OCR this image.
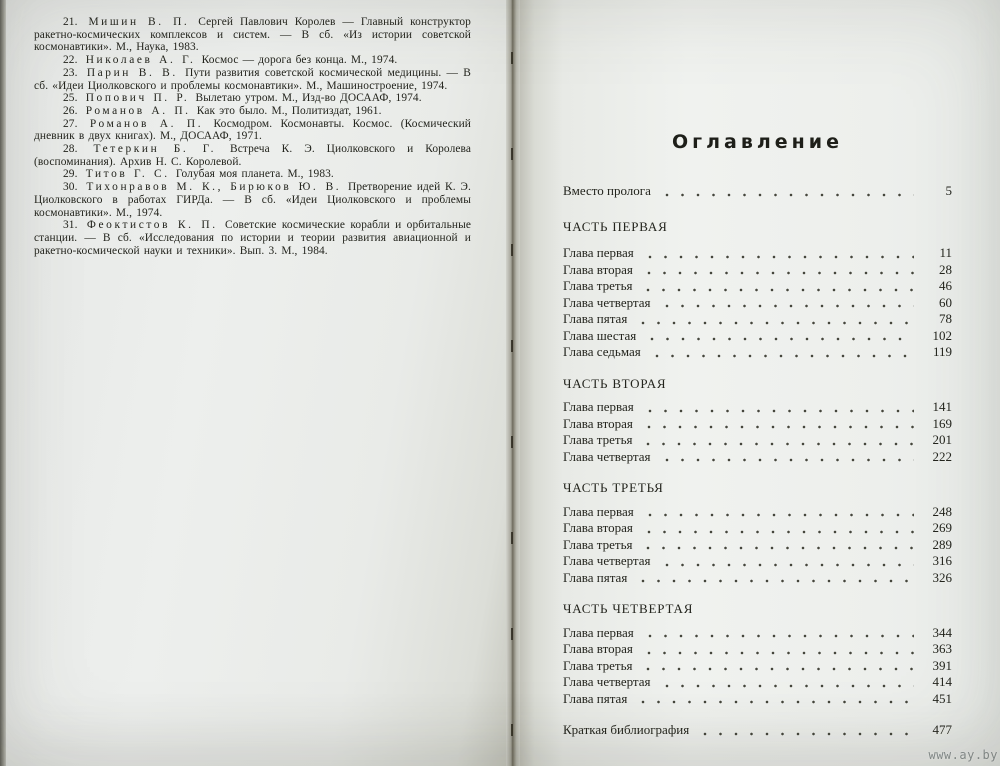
21. Мишин В. П. Сергей Павлович Королев — Главный конструктор ракетно-космических комплексов и систем. — В сб. «Из истории советской космонавтики». М., Наука, 1983.

22. Николаев А. Г. Космос — дорога без конца. М., 1974.

23. Парин В. В. Пути развития советской космической медицины. — В сб. «Идеи Циолковского и проблемы космонавтики». М., Машиностроение, 1974.

25. Попович П. Р. Вылетаю утром. М., Изд-во ДОСААФ, 1974.

26. Романов А. П. Как это было. М., Политиздат, 1961.

27. Романов А. П. Космодром. Космонавты. Космос. (Космический дневник в двух книгах). М., ДОСААФ, 1971.

28. Тетеркин Б. Г. Встреча К. Э. Циолковского и Королева (воспоминания). Архив Н. С. Королевой.

29. Титов Г. С. Голубая моя планета. М., 1983.

30. Тихонравов М. К., Бирюков Ю. В. Претворение идей К. Э. Циолковского в работах ГИРДа. — В сб. «Идеи Циолковского и проблемы космонавтики». М., 1974.

31. Феоктистов К. П. Советские космические корабли и орбитальные станции. — В сб. «Исследования по истории и теории развития авиационной и ракетно-космической науки и техники». Вып. 3. М., 1984.

Оглавление
Вместо пролога	5
ЧАСТЬ ПЕРВАЯ
Глава первая	11
Глава вторая	28
Глава третья	46
Глава четвертая	60
Глава пятая	78
Глава шестая	102
Глава седьмая	119
ЧАСТЬ ВТОРАЯ
Глава первая	141
Глава вторая	169
Глава третья	201
Глава четвертая	222
ЧАСТЬ ТРЕТЬЯ
Глава первая	248
Глава вторая	269
Глава третья	289
Глава четвертая	316
Глава пятая	326
ЧАСТЬ ЧЕТВЕРТАЯ
Глава первая	344
Глава вторая	363
Глава третья	391
Глава четвертая	414
Глава пятая	451
Краткая библиография	477
www.ay.by
